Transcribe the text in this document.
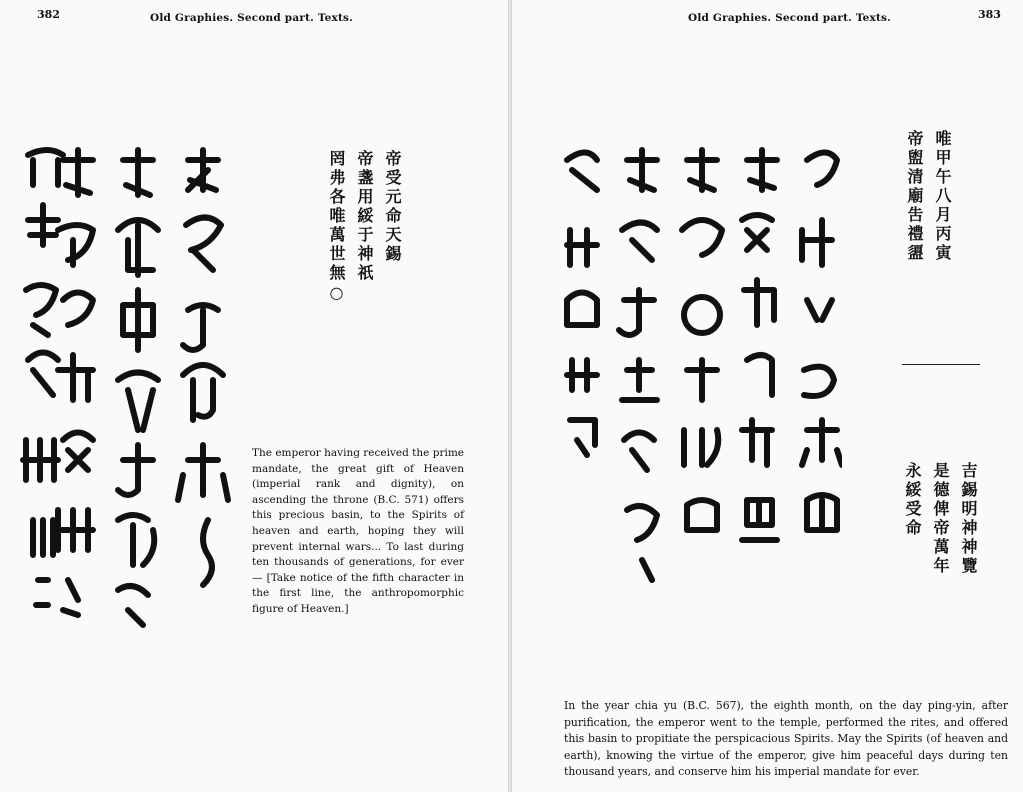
382	Old Graphies. Second part. Texts.
帝受元命天錫
帝盞用綏于神祇
罔弗各唯萬世無○

The emperor having received the prime mandate, the great gift of Heaven (imperial rank and dignity), on ascending the throne (B.C. 571) offers this precious basin, to the Spirits of heaven and earth, hoping they will prevent internal wars... To last during ten thousands of generations, for ever — [Take notice of the fifth character in the first line, the anthropomorphic figure of Heaven.]

Old Graphies. Second part. Texts.	383
唯甲午八月丙寅
帝盥清廟吿禮盨
吉錫明神神覽
是德俾帝萬年
永綏受命

In the year chia yu (B.C. 567), the eighth month, on the day ping-yin, after purification, the emperor went to the temple, performed the rites, and offered this basin to propitiate the perspicacious Spirits. May the Spirits (of heaven and earth), knowing the virtue of the emperor, give him peaceful days during ten thousand years, and conserve him his imperial mandate for ever.
